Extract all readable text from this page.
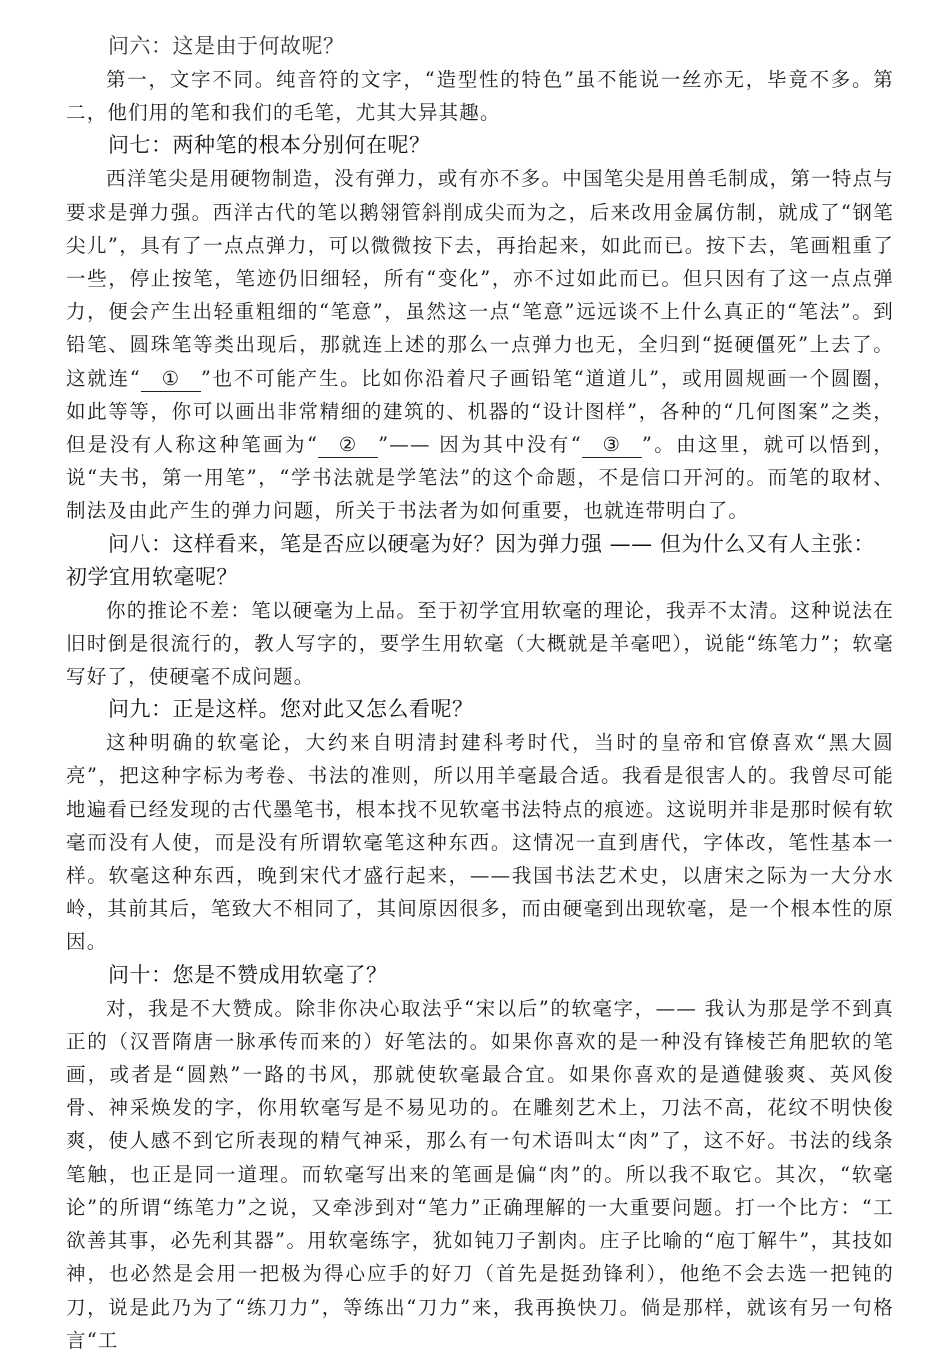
问六：这是由于何故呢？

第一，文字不同。纯音符的文字，“造型性的特色”虽不能说一丝亦无，毕竟不多。第二，他们用的笔和我们的毛笔，尤其大异其趣。

问七：两种笔的根本分别何在呢？

西洋笔尖是用硬物制造，没有弹力，或有亦不多。中国笔尖是用兽毛制成，第一特点与要求是弹力强。西洋古代的笔以鹅翎管斜削成尖而为之，后来改用金属仿制，就成了“钢笔尖儿”，具有了一点点弹力，可以微微按下去，再抬起来，如此而已。按下去，笔画粗重了一些，停止按笔，笔迹仍旧细轻，所有“变化”，亦不过如此而已。但只因有了这一点点弹力，便会产生出轻重粗细的“笔意”，虽然这一点“笔意”远远谈不上什么真正的“笔法”。到铅笔、圆珠笔等类出现后，那就连上述的那么一点弹力也无，全归到“挺硬僵死”上去了。这就连“ ① ”也不可能产生。比如你沿着尺子画铅笔“道道儿”，或用圆规画一个圆圈，如此等等，你可以画出非常精细的建筑的、机器的“设计图样”，各种的“几何图案”之类，但是没有人称这种笔画为“ ② ”—— 因为其中没有“ ③ ”。由这里，就可以悟到，说“夫书，第一用笔”，“学书法就是学笔法”的这个命题，不是信口开河的。而笔的取材、制法及由此产生的弹力问题，所关于书法者为如何重要，也就连带明白了。

问八：这样看来，笔是否应以硬毫为好？因为弹力强 —— 但为什么又有人主张：初学宜用软毫呢？

你的推论不差：笔以硬毫为上品。至于初学宜用软毫的理论，我弄不太清。这种说法在旧时倒是很流行的，教人写字的，要学生用软毫（大概就是羊毫吧），说能“练笔力”；软毫写好了，使硬毫不成问题。

问九：正是这样。您对此又怎么看呢？

这种明确的软毫论，大约来自明清封建科考时代，当时的皇帝和官僚喜欢“黑大圆亮”，把这种字标为考卷、书法的准则，所以用羊毫最合适。我看是很害人的。我曾尽可能地遍看已经发现的古代墨笔书，根本找不见软毫书法特点的痕迹。这说明并非是那时候有软毫而没有人使，而是没有所谓软毫笔这种东西。这情况一直到唐代，字体改，笔性基本一样。软毫这种东西，晚到宋代才盛行起来，——我国书法艺术史，以唐宋之际为一大分水岭，其前其后，笔致大不相同了，其间原因很多，而由硬毫到出现软毫，是一个根本性的原因。

问十：您是不赞成用软毫了？

对，我是不大赞成。除非你决心取法乎“宋以后”的软毫字，—— 我认为那是学不到真正的（汉晋隋唐一脉承传而来的）好笔法的。如果你喜欢的是一种没有锋棱芒角肥软的笔画，或者是“圆熟”一路的书风，那就使软毫最合宜。如果你喜欢的是遒健骏爽、英风俊骨、神采焕发的字，你用软毫写是不易见功的。在雕刻艺术上，刀法不高，花纹不明快俊爽，使人感不到它所表现的精气神采，那么有一句术语叫太“肉”了，这不好。书法的线条笔触，也正是同一道理。而软毫写出来的笔画是偏“肉”的。所以我不取它。其次，“软毫论”的所谓“练笔力”之说，又牵涉到对“笔力”正确理解的一大重要问题。打一个比方：“工欲善其事，必先利其器”。用软毫练字，犹如钝刀子割肉。庄子比喻的“庖丁解牛”，其技如神，也必然是会用一把极为得心应手的好刀（首先是挺劲锋利），他绝不会去选一把钝的刀，说是此乃为了“练刀力”，等练出“刀力”来，我再换快刀。倘是那样，就该有另一句格言“工
